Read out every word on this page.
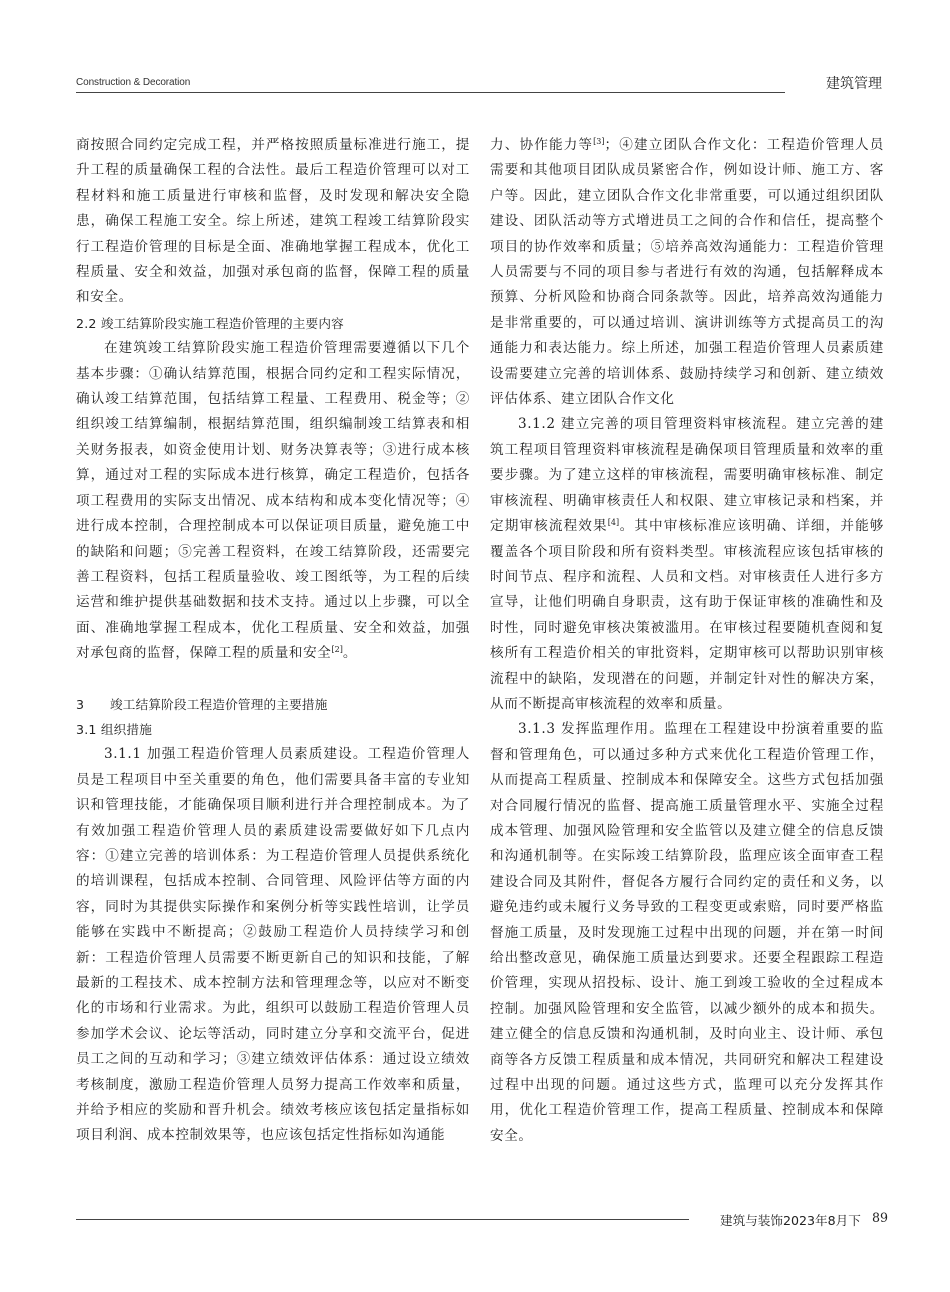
Construction & Decoration	建筑管理

商按照合同约定完成工程，并严格按照质量标准进行施工，提升工程的质量确保工程的合法性。最后工程造价管理可以对工程材料和施工质量进行审核和监督，及时发现和解决安全隐患，确保工程施工安全。综上所述，建筑工程竣工结算阶段实行工程造价管理的目标是全面、准确地掌握工程成本，优化工程质量、安全和效益，加强对承包商的监督，保障工程的质量和安全。

2.2 竣工结算阶段实施工程造价管理的主要内容

在建筑竣工结算阶段实施工程造价管理需要遵循以下几个基本步骤：①确认结算范围，根据合同约定和工程实际情况，确认竣工结算范围，包括结算工程量、工程费用、税金等；②组织竣工结算编制，根据结算范围，组织编制竣工结算表和相关财务报表，如资金使用计划、财务决算表等；③进行成本核算，通过对工程的实际成本进行核算，确定工程造价，包括各项工程费用的实际支出情况、成本结构和成本变化情况等；④进行成本控制，合理控制成本可以保证项目质量，避免施工中的缺陷和问题；⑤完善工程资料，在竣工结算阶段，还需要完善工程资料，包括工程质量验收、竣工图纸等，为工程的后续运营和维护提供基础数据和技术支持。通过以上步骤，可以全面、准确地掌握工程成本，优化工程质量、安全和效益，加强对承包商的监督，保障工程的质量和安全[2]。

3 竣工结算阶段工程造价管理的主要措施

3.1 组织措施

3.1.1 加强工程造价管理人员素质建设。工程造价管理人员是工程项目中至关重要的角色，他们需要具备丰富的专业知识和管理技能，才能确保项目顺利进行并合理控制成本。为了有效加强工程造价管理人员的素质建设需要做好如下几点内容：①建立完善的培训体系：为工程造价管理人员提供系统化的培训课程，包括成本控制、合同管理、风险评估等方面的内容，同时为其提供实际操作和案例分析等实践性培训，让学员能够在实践中不断提高；②鼓励工程造价人员持续学习和创新：工程造价管理人员需要不断更新自己的知识和技能，了解最新的工程技术、成本控制方法和管理理念等，以应对不断变化的市场和行业需求。为此，组织可以鼓励工程造价管理人员参加学术会议、论坛等活动，同时建立分享和交流平台，促进员工之间的互动和学习；③建立绩效评估体系：通过设立绩效考核制度，激励工程造价管理人员努力提高工作效率和质量，并给予相应的奖励和晋升机会。绩效考核应该包括定量指标如项目利润、成本控制效果等，也应该包括定性指标如沟通能

力、协作能力等[3]；④建立团队合作文化：工程造价管理人员需要和其他项目团队成员紧密合作，例如设计师、施工方、客户等。因此，建立团队合作文化非常重要，可以通过组织团队建设、团队活动等方式增进员工之间的合作和信任，提高整个项目的协作效率和质量；⑤培养高效沟通能力：工程造价管理人员需要与不同的项目参与者进行有效的沟通，包括解释成本预算、分析风险和协商合同条款等。因此，培养高效沟通能力是非常重要的，可以通过培训、演讲训练等方式提高员工的沟通能力和表达能力。综上所述，加强工程造价管理人员素质建设需要建立完善的培训体系、鼓励持续学习和创新、建立绩效评估体系、建立团队合作文化

3.1.2 建立完善的项目管理资料审核流程。建立完善的建筑工程项目管理资料审核流程是确保项目管理质量和效率的重要步骤。为了建立这样的审核流程，需要明确审核标准、制定审核流程、明确审核责任人和权限、建立审核记录和档案，并定期审核流程效果[4]。其中审核标准应该明确、详细，并能够覆盖各个项目阶段和所有资料类型。审核流程应该包括审核的时间节点、程序和流程、人员和文档。对审核责任人进行多方宣导，让他们明确自身职责，这有助于保证审核的准确性和及时性，同时避免审核决策被滥用。在审核过程要随机查阅和复核所有工程造价相关的审批资料，定期审核可以帮助识别审核流程中的缺陷，发现潜在的问题，并制定针对性的解决方案，从而不断提高审核流程的效率和质量。

3.1.3 发挥监理作用。监理在工程建设中扮演着重要的监督和管理角色，可以通过多种方式来优化工程造价管理工作，从而提高工程质量、控制成本和保障安全。这些方式包括加强对合同履行情况的监督、提高施工质量管理水平、实施全过程成本管理、加强风险管理和安全监管以及建立健全的信息反馈和沟通机制等。在实际竣工结算阶段，监理应该全面审查工程建设合同及其附件，督促各方履行合同约定的责任和义务，以避免违约或未履行义务导致的工程变更或索赔，同时要严格监督施工质量，及时发现施工过程中出现的问题，并在第一时间给出整改意见，确保施工质量达到要求。还要全程跟踪工程造价管理，实现从招投标、设计、施工到竣工验收的全过程成本控制。加强风险管理和安全监管，以减少额外的成本和损失。建立健全的信息反馈和沟通机制，及时向业主、设计师、承包商等各方反馈工程质量和成本情况，共同研究和解决工程建设过程中出现的问题。通过这些方式，监理可以充分发挥其作用，优化工程造价管理工作，提高工程质量、控制成本和保障安全。

建筑与装饰2023年8月下 89
